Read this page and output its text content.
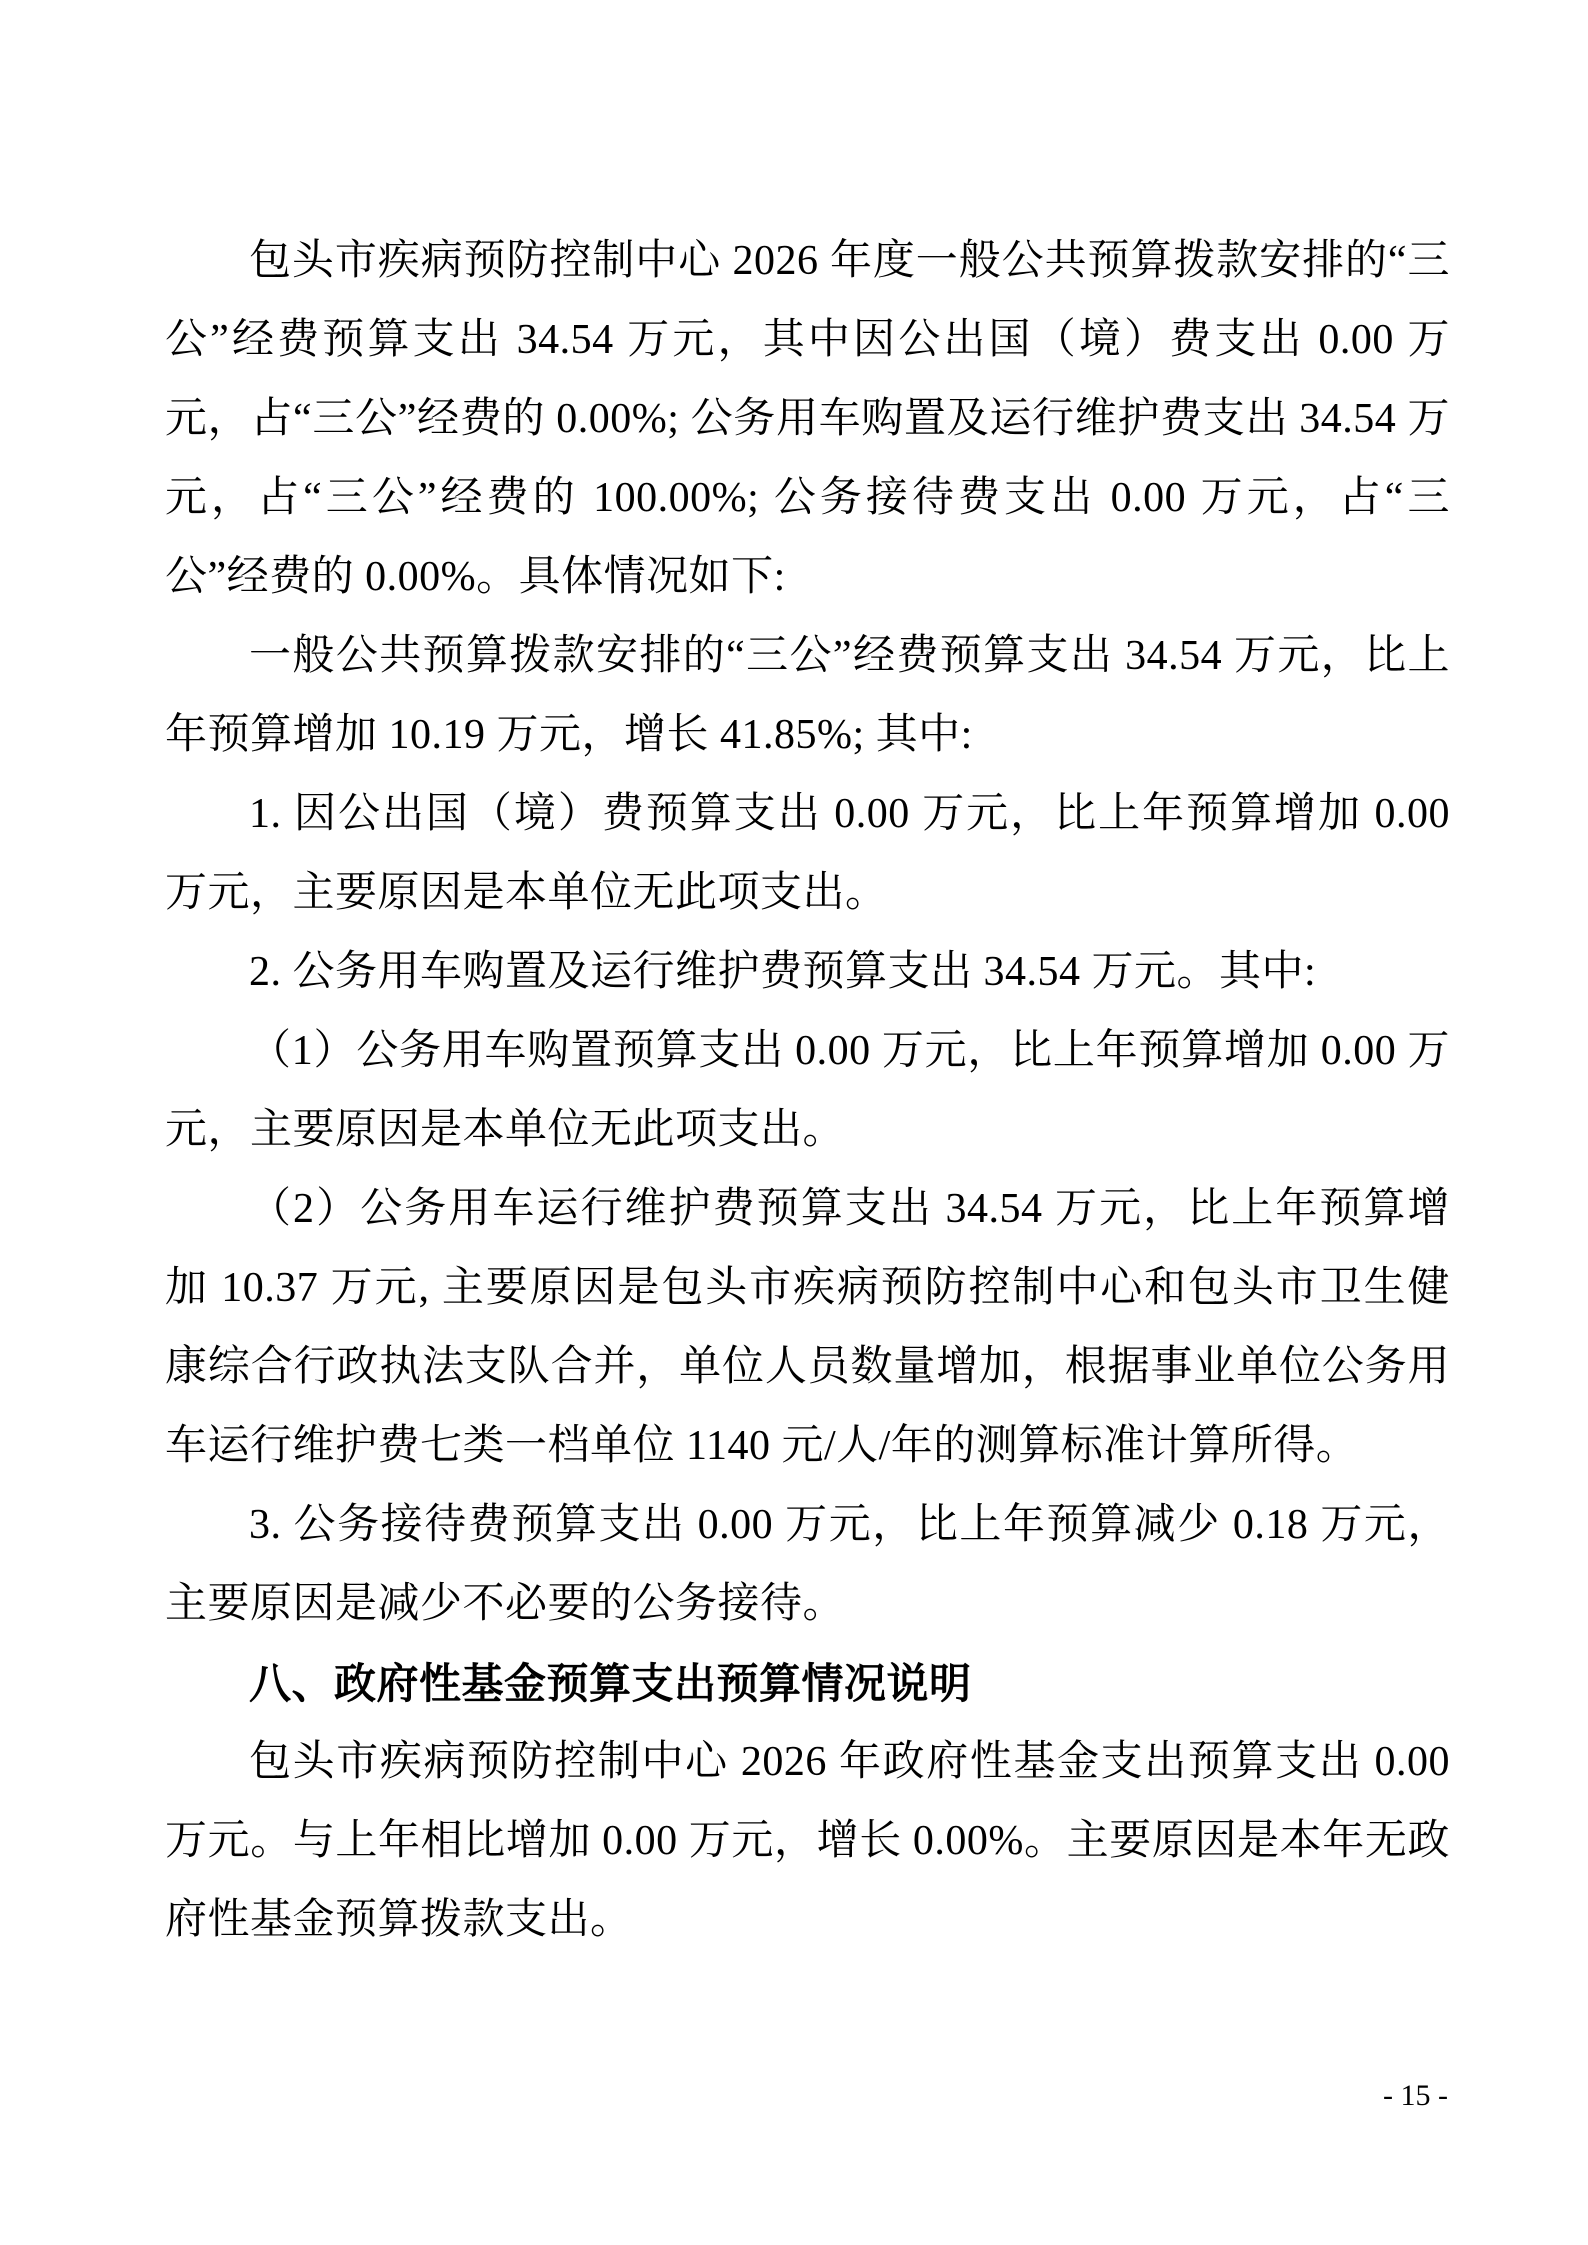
包头市疾病预防控制中心 2026 年度一般公共预算拨款安排的“三公”经费预算支出 34.54 万元，其中因公出国（境）费支出 0.00 万元，占“三公”经费的 0.00%; 公务用车购置及运行维护费支出 34.54 万元，占“三公”经费的 100.00%; 公务接待费支出 0.00 万元，占“三公”经费的 0.00%。具体情况如下:

一般公共预算拨款安排的“三公”经费预算支出 34.54 万元，比上年预算增加 10.19 万元，增长 41.85%; 其中:

1. 因公出国（境）费预算支出 0.00 万元，比上年预算增加 0.00 万元，主要原因是本单位无此项支出。

2. 公务用车购置及运行维护费预算支出 34.54 万元。其中:

（1）公务用车购置预算支出 0.00 万元，比上年预算增加 0.00 万元，主要原因是本单位无此项支出。

（2）公务用车运行维护费预算支出 34.54 万元，比上年预算增加 10.37 万元, 主要原因是包头市疾病预防控制中心和包头市卫生健康综合行政执法支队合并，单位人员数量增加，根据事业单位公务用车运行维护费七类一档单位 1140 元/人/年的测算标准计算所得。

3. 公务接待费预算支出 0.00 万元，比上年预算减少 0.18 万元，主要原因是减少不必要的公务接待。

八、政府性基金预算支出预算情况说明

包头市疾病预防控制中心 2026 年政府性基金支出预算支出 0.00 万元。与上年相比增加 0.00 万元，增长 0.00%。主要原因是本年无政府性基金预算拨款支出。

- 15 -
